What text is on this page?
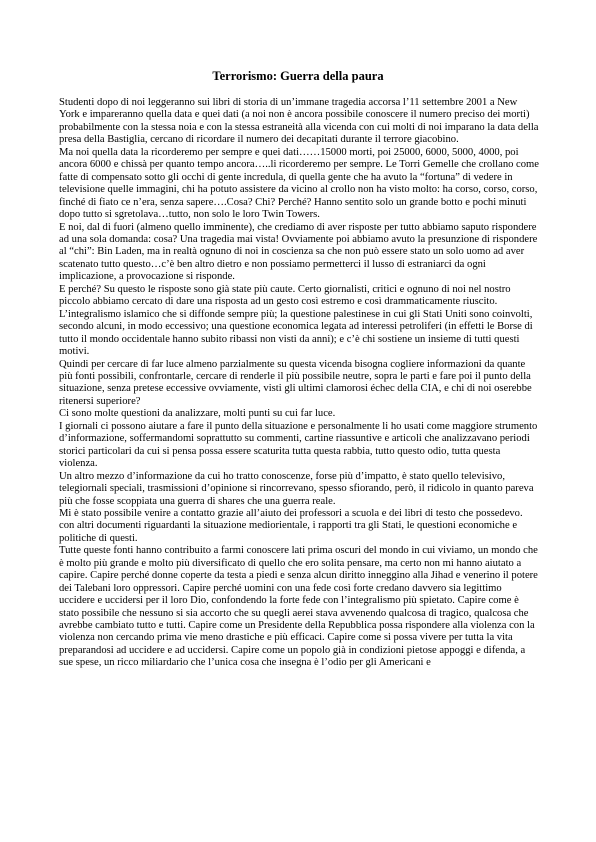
Terrorismo: Guerra della paura

Studenti dopo di noi leggeranno sui libri di storia di un’immane tragedia accorsa l’11 settembre 2001 a New York e impareranno quella data e quei dati (a noi non è ancora possibile conoscere il numero preciso dei morti) probabilmente con la stessa noia e con la stessa estraneità alla vicenda con cui molti di noi imparano la data della presa della Bastiglia, cercano di ricordare il numero dei decapitati durante il terrore giacobino.

Ma noi quella data la ricorderemo per sempre e quei dati……15000 morti, poi 25000, 6000, 5000, 4000, poi ancora 6000 e chissà per quanto tempo ancora…..li ricorderemo per sempre. Le Torri Gemelle che crollano come fatte di compensato sotto gli occhi di gente incredula, di quella gente che ha avuto la “fortuna” di vedere in televisione quelle immagini, chi ha potuto assistere da vicino al crollo non ha visto molto: ha corso, corso, corso, finché di fiato ce n’era, senza sapere….Cosa? Chi? Perché? Hanno sentito solo un grande botto e pochi minuti dopo tutto si sgretolava…tutto, non solo le loro Twin Towers.

E noi, dal di fuori (almeno quello imminente), che crediamo di aver risposte per tutto abbiamo saputo rispondere ad una sola domanda: cosa? Una tragedia mai vista! Ovviamente poi abbiamo avuto la presunzione di rispondere al “chi”: Bin Laden, ma in realtà ognuno di noi in coscienza sa che non può essere stato un solo uomo ad aver scatenato tutto questo…c’è ben altro dietro e non possiamo permetterci il lusso di estraniarci da ogni implicazione, a provocazione si risponde.

E perché? Su questo le risposte sono già state più caute. Certo giornalisti, critici e ognuno di noi nel nostro piccolo abbiamo cercato di dare una risposta ad un gesto così estremo e così drammaticamente riuscito. L’integralismo islamico che si diffonde sempre più; la questione palestinese in cui gli Stati Uniti sono coinvolti, secondo alcuni, in modo eccessivo; una questione economica legata ad interessi petroliferi (in effetti le Borse di tutto il mondo occidentale hanno subito ribassi non visti da anni); e c’è chi sostiene un insieme di tutti questi motivi.

Quindi per cercare di far luce almeno parzialmente su questa vicenda bisogna cogliere informazioni da quante più fonti possibili, confrontarle, cercare di renderle il più possibile neutre, sopra le parti e fare poi il punto della situazione, senza pretese eccessive ovviamente, visti gli ultimi clamorosi échec della CIA, e chi di noi oserebbe ritenersi superiore?

Ci sono molte questioni da analizzare, molti punti su cui far luce.

I giornali ci possono aiutare a fare il punto della situazione e personalmente li ho usati come maggiore strumento d’informazione, soffermandomi soprattutto su commenti, cartine riassuntive e articoli che analizzavano periodi storici particolari da cui si pensa possa essere scaturita tutta questa rabbia, tutto questo odio, tutta questa violenza.

Un altro mezzo d’informazione da cui ho tratto conoscenze, forse più d’impatto, è stato quello televisivo, telegiornali speciali, trasmissioni d’opinione si rincorrevano, spesso sfiorando, però, il ridicolo in quanto pareva più che fosse scoppiata una guerra di shares che una guerra reale.

Mi è stato possibile venire a contatto grazie all’aiuto dei professori a scuola e dei libri di testo che possedevo. con altri documenti riguardanti la situazione mediorientale, i rapporti tra gli Stati, le questioni economiche e politiche di questi.

Tutte queste fonti hanno contribuito a farmi conoscere lati prima oscuri del mondo in cui viviamo, un mondo che è molto più grande e molto più diversificato di quello che ero solita pensare, ma certo non mi hanno aiutato a capire. Capire perché donne coperte da testa a piedi e senza alcun diritto inneggino alla Jihad e venerino il potere dei Talebani loro oppressori. Capire perché uomini con una fede così forte credano davvero sia legittimo uccidere e uccidersi per il loro Dio, confondendo la forte fede con l’integralismo più spietato. Capire come è stato possibile che nessuno si sia accorto che su quegli aerei stava avvenendo qualcosa di tragico, qualcosa che avrebbe cambiato tutto e tutti. Capire come un Presidente della Repubblica possa rispondere alla violenza con la violenza non cercando prima vie meno drastiche e più efficaci. Capire come si possa vivere per tutta la vita preparandosi ad uccidere e ad uccidersi. Capire come un popolo già in condizioni pietose appoggi e difenda, a sue spese, un ricco miliardario che l’unica cosa che insegna è l’odio per gli Americani e
